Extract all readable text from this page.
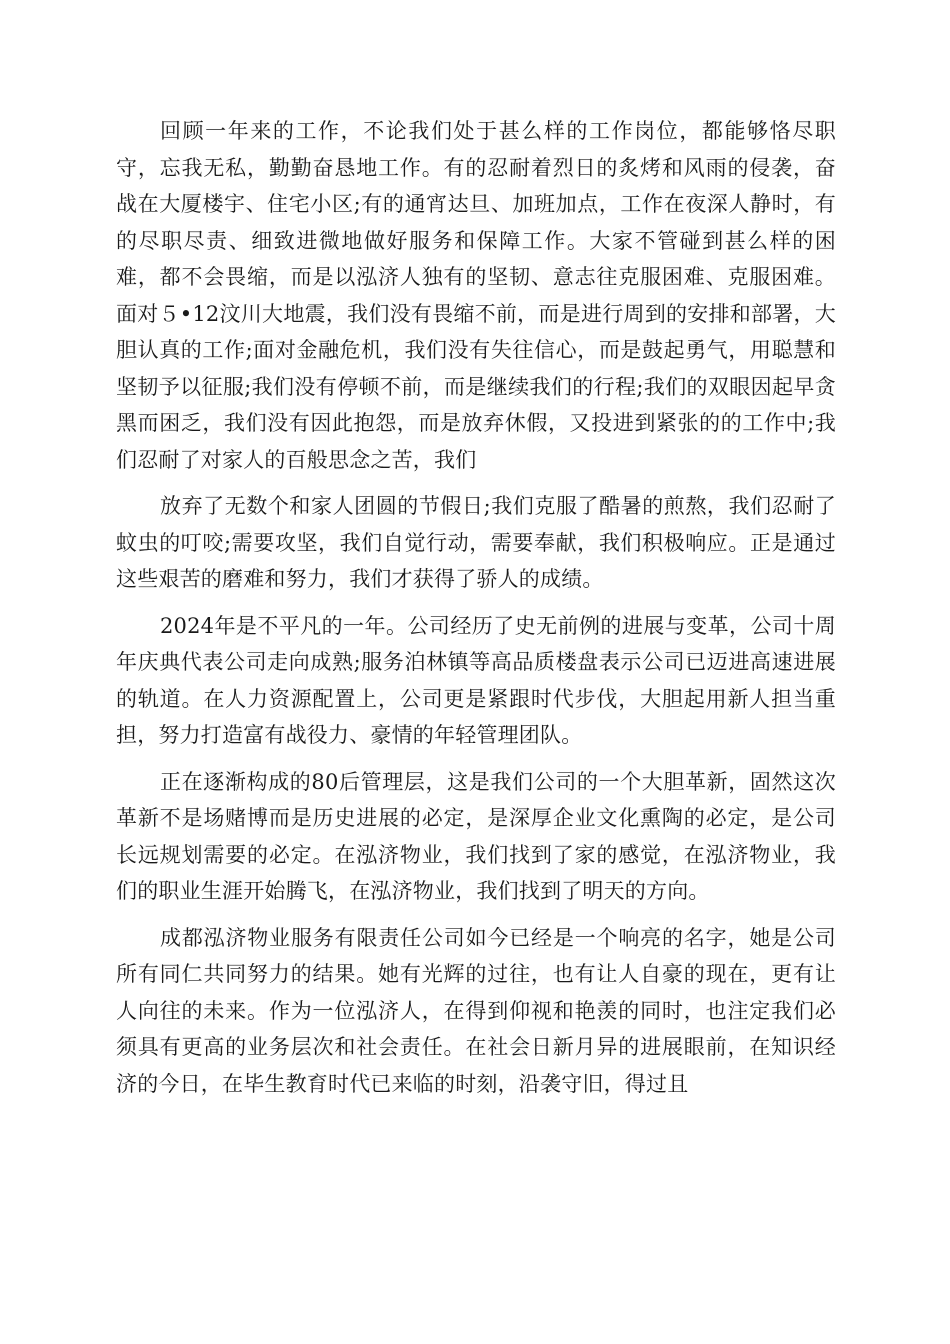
回顾一年来的工作，不论我们处于甚么样的工作岗位，都能够恪尽职守，忘我无私，勤勤奋恳地工作。有的忍耐着烈日的炙烤和风雨的侵袭，奋战在大厦楼宇、住宅小区;有的通宵达旦、加班加点，工作在夜深人静时，有的尽职尽责、细致进微地做好服务和保障工作。大家不管碰到甚么样的困难，都不会畏缩，而是以泓济人独有的坚韧、意志往克服困难、克服困难。面对５•12汶川大地震，我们没有畏缩不前，而是进行周到的安排和部署，大胆认真的工作;面对金融危机，我们没有失往信心，而是鼓起勇气，用聪慧和坚韧予以征服;我们没有停顿不前，而是继续我们的行程;我们的双眼因起早贪黑而困乏，我们没有因此抱怨，而是放弃休假，又投进到紧张的的工作中;我们忍耐了对家人的百般思念之苦，我们

放弃了无数个和家人团圆的节假日;我们克服了酷暑的煎熬，我们忍耐了蚊虫的叮咬;需要攻坚，我们自觉行动，需要奉献，我们积极响应。正是通过这些艰苦的磨难和努力，我们才获得了骄人的成绩。

2024年是不平凡的一年。公司经历了史无前例的进展与变革，公司十周年庆典代表公司走向成熟;服务泊林镇等高品质楼盘表示公司已迈进高速进展的轨道。在人力资源配置上，公司更是紧跟时代步伐，大胆起用新人担当重担，努力打造富有战役力、豪情的年轻管理团队。

正在逐渐构成的80后管理层，这是我们公司的一个大胆革新，固然这次革新不是场赌博而是历史进展的必定，是深厚企业文化熏陶的必定，是公司长远规划需要的必定。在泓济物业，我们找到了家的感觉，在泓济物业，我们的职业生涯开始腾飞，在泓济物业，我们找到了明天的方向。

成都泓济物业服务有限责任公司如今已经是一个响亮的名字，她是公司所有同仁共同努力的结果。她有光辉的过往，也有让人自豪的现在，更有让人向往的未来。作为一位泓济人，在得到仰视和艳羡的同时，也注定我们必须具有更高的业务层次和社会责任。在社会日新月异的进展眼前，在知识经济的今日，在毕生教育时代已来临的时刻，沿袭守旧，得过且
